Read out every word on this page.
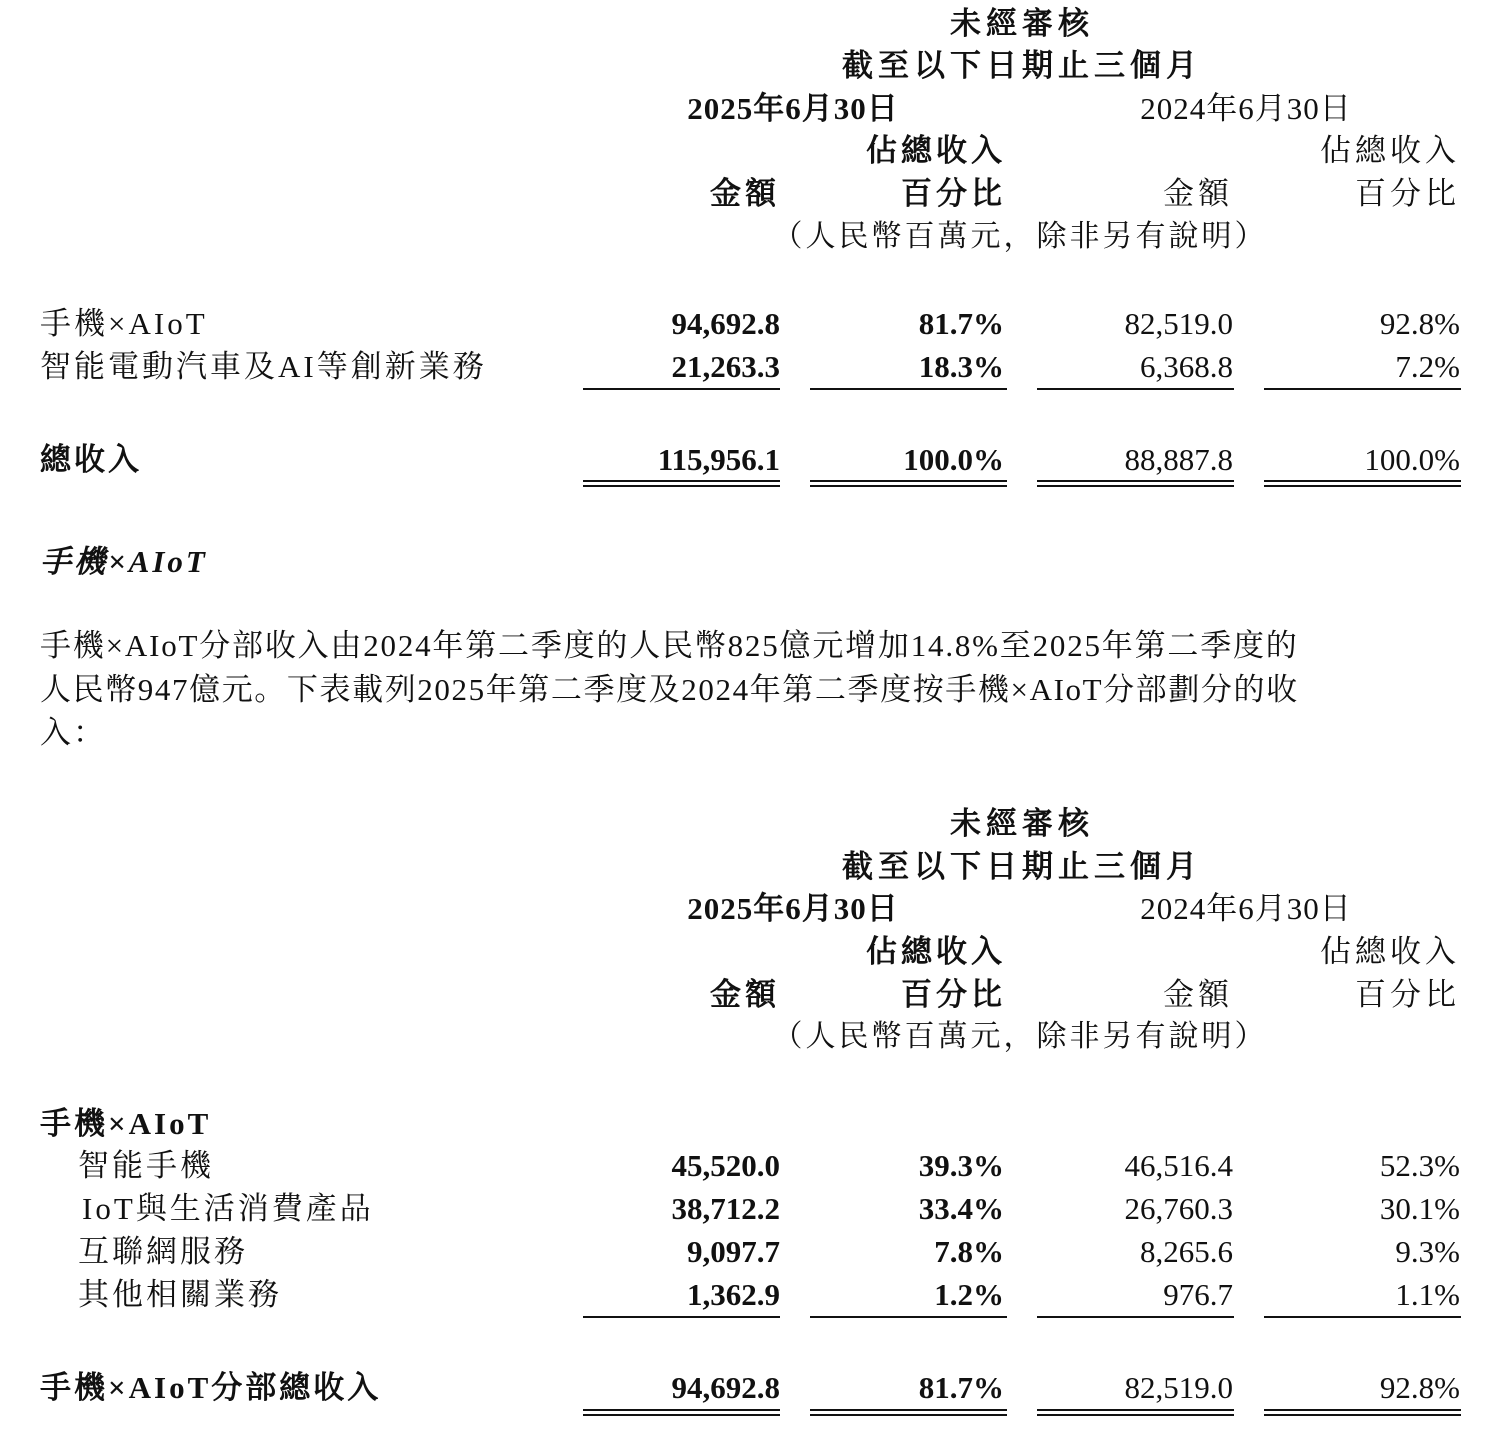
未經審核
截至以下日期止三個月
2025年6月30日	2024年6月30日
佔總收入	佔總收入
金額	百分比	金額	百分比
（人民幣百萬元，除非另有說明）
手機×AIoT	94,692.8	81.7%	82,519.0	92.8%
智能電動汽車及AI等創新業務	21,263.3	18.3%	6,368.8	7.2%
總收入	115,956.1	100.0%	88,887.8	100.0%
手機×AIoT
手機×AIoT分部收入由2024年第二季度的人民幣825億元增加14.8%至2025年第二季度的
人民幣947億元。下表載列2025年第二季度及2024年第二季度按手機×AIoT分部劃分的收
入：
未經審核
截至以下日期止三個月
2025年6月30日	2024年6月30日
佔總收入	佔總收入
金額	百分比	金額	百分比
（人民幣百萬元，除非另有說明）
手機×AIoT
智能手機	45,520.0	39.3%	46,516.4	52.3%
IoT與生活消費產品	38,712.2	33.4%	26,760.3	30.1%
互聯網服務	9,097.7	7.8%	8,265.6	9.3%
其他相關業務	1,362.9	1.2%	976.7	1.1%
手機×AIoT分部總收入	94,692.8	81.7%	82,519.0	92.8%
